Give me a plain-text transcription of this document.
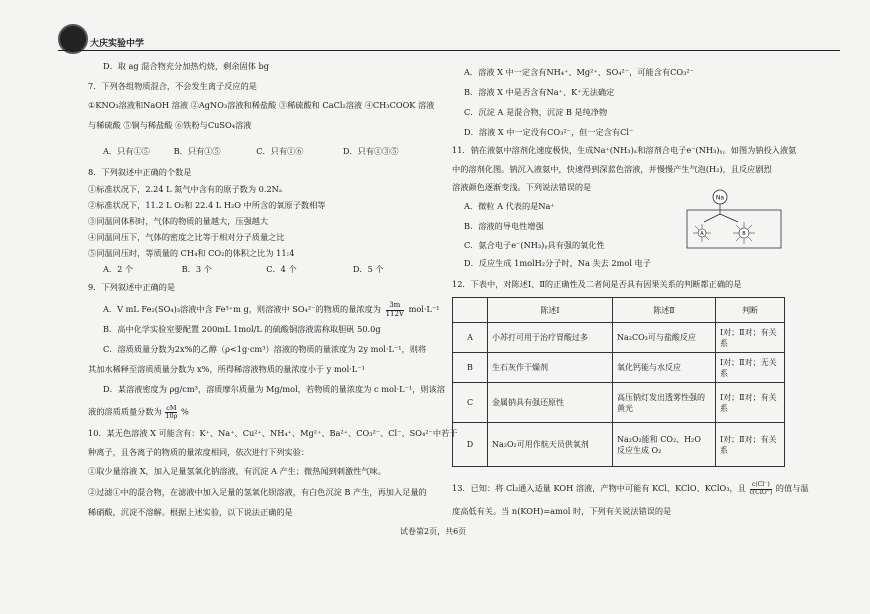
大庆实验中学
D．取 ag 混合物充分加热灼烧，剩余固体 bg
7．下列各组物质混合，不会发生离子反应的是
①KNO₃溶液和NaOH 溶液 ②AgNO₃溶液和稀盐酸 ③稀硫酸和 CaCl₂溶液 ④CH₃COOK 溶液
与稀硫酸 ⑤铜与稀盐酸 ⑥铁粉与CuSO₄溶液
A．只有①⑤	B．只有①⑤	C．只有①⑥	D．只有①③⑤
8．下列叙述中正确的个数是
①标准状况下，2.24 L 氮气中含有的原子数为 0.2Nₐ
②标准状况下，11.2 L O₂和 22.4 L H₂O 中所含的氧原子数相等
③同温同体积时，气体的物质的量越大，压强越大
④同温同压下，气体的密度之比等于相对分子质量之比
⑤同温同压时，等质量的 CH₄和 CO₂的体积之比为 11:4
A．2 个	B．3 个	C．4 个	D．5 个
9．下列叙述中正确的是
A．V mL Fe₂(SO₄)₃溶液中含 Fe³⁺m g，则溶液中 SO₄²⁻的物质的量浓度为 $\frac{3m}{112V} mol\cdot L^{-1}$
B．高中化学实验室要配置 200mL 1mol/L 的硫酸铜溶液需称取胆矾 50.0g
C．溶质质量分数为2x%的乙醇（ρ<1g·cm³）溶液的物质的量浓度为 2y mol·L⁻¹，则将
其加水稀释至溶质质量分数为 x%，所得稀溶液物质的量浓度小于 y mol·L⁻¹
D．某溶液密度为 ρg/cm³，溶质摩尔质量为 Mg/mol，若物质的量浓度为 c mol·L⁻¹，则该溶
液的溶质质量分数为 $\frac{cM}{10\rho}$ %
10．某无色溶液 X 可能含有：K⁺、Na⁺、Cu²⁺、NH₄⁺、Mg²⁺、Ba²⁺、CO₃²⁻、Cl⁻、SO₄²⁻中若干
种离子，且各离子的物质的量浓度相同，依次进行下列实验：
①取少量溶液 X，加入足量氢氧化钠溶液，有沉淀 A 产生；微热闻到刺激性气味。
②过滤①中的混合物，在滤液中加入足量的氢氧化钡溶液，有白色沉淀 B 产生，再加入足量的
稀硝酸，沉淀不溶解。根据上述实验，以下说法正确的是
A．溶液 X 中一定含有NH₄⁺、Mg²⁺、SO₄²⁻，可能含有CO₃²⁻
B．溶液 X 中是否含有Na⁺、K⁺无法确定
C．沉淀 A 是混合物，沉淀 B 是纯净物
D．溶液 X 中一定没有CO₃²⁻，但一定含有Cl⁻
11．钠在液氨中溶剂化速度极快，生成Na⁺(NH₃)ₓ和溶剂合电子e⁻(NH₃)ᵧ。如图为钠投入液氨
中的溶剂化图。钠沉入液氨中，快速得到深蓝色溶液，并慢慢产生气泡(H₂)，且反应剧烈
溶液颜色逐渐变浅。下列说法错误的是
A．微粒 A 代表的是Na⁺
B．溶液的导电性增强
C．氨合电子e⁻(NH₃)ᵧ具有强的氧化性
D．反应生成 1molH₂分子时，Na 失去 2mol 电子
12．下表中，对陈述Ⅰ、Ⅱ的正确性及二者间是否具有因果关系的判断都正确的是
Na
A	B
	陈述Ⅰ	陈述Ⅱ	判断
A	小苏打可用于治疗胃酸过多	Na₂CO₃可与盐酸反应	Ⅰ对；Ⅱ对；有关系
B	生石灰作干燥剂	氧化钙能与水反应	Ⅰ对；Ⅱ对；无关系
C	金属钠具有强还原性	高压钠灯发出透雾性强的黄光	Ⅰ对；Ⅱ对；有关系
D	Na₂O₂可用作航天员供氧剂	Na₂O₂能和 CO₂、H₂O 反应生成 O₂	Ⅰ对；Ⅱ对；有关系
13．已知：将 Cl₂通入适量 KOH 溶液，产物中可能有 KCl、KClO、KClO₃，且	c(Cl⁻)
c(ClO⁻) 的值与温
度高低有关。当 n(KOH)=amol 时，下列有关说法错误的是
试卷第2页，共6页
